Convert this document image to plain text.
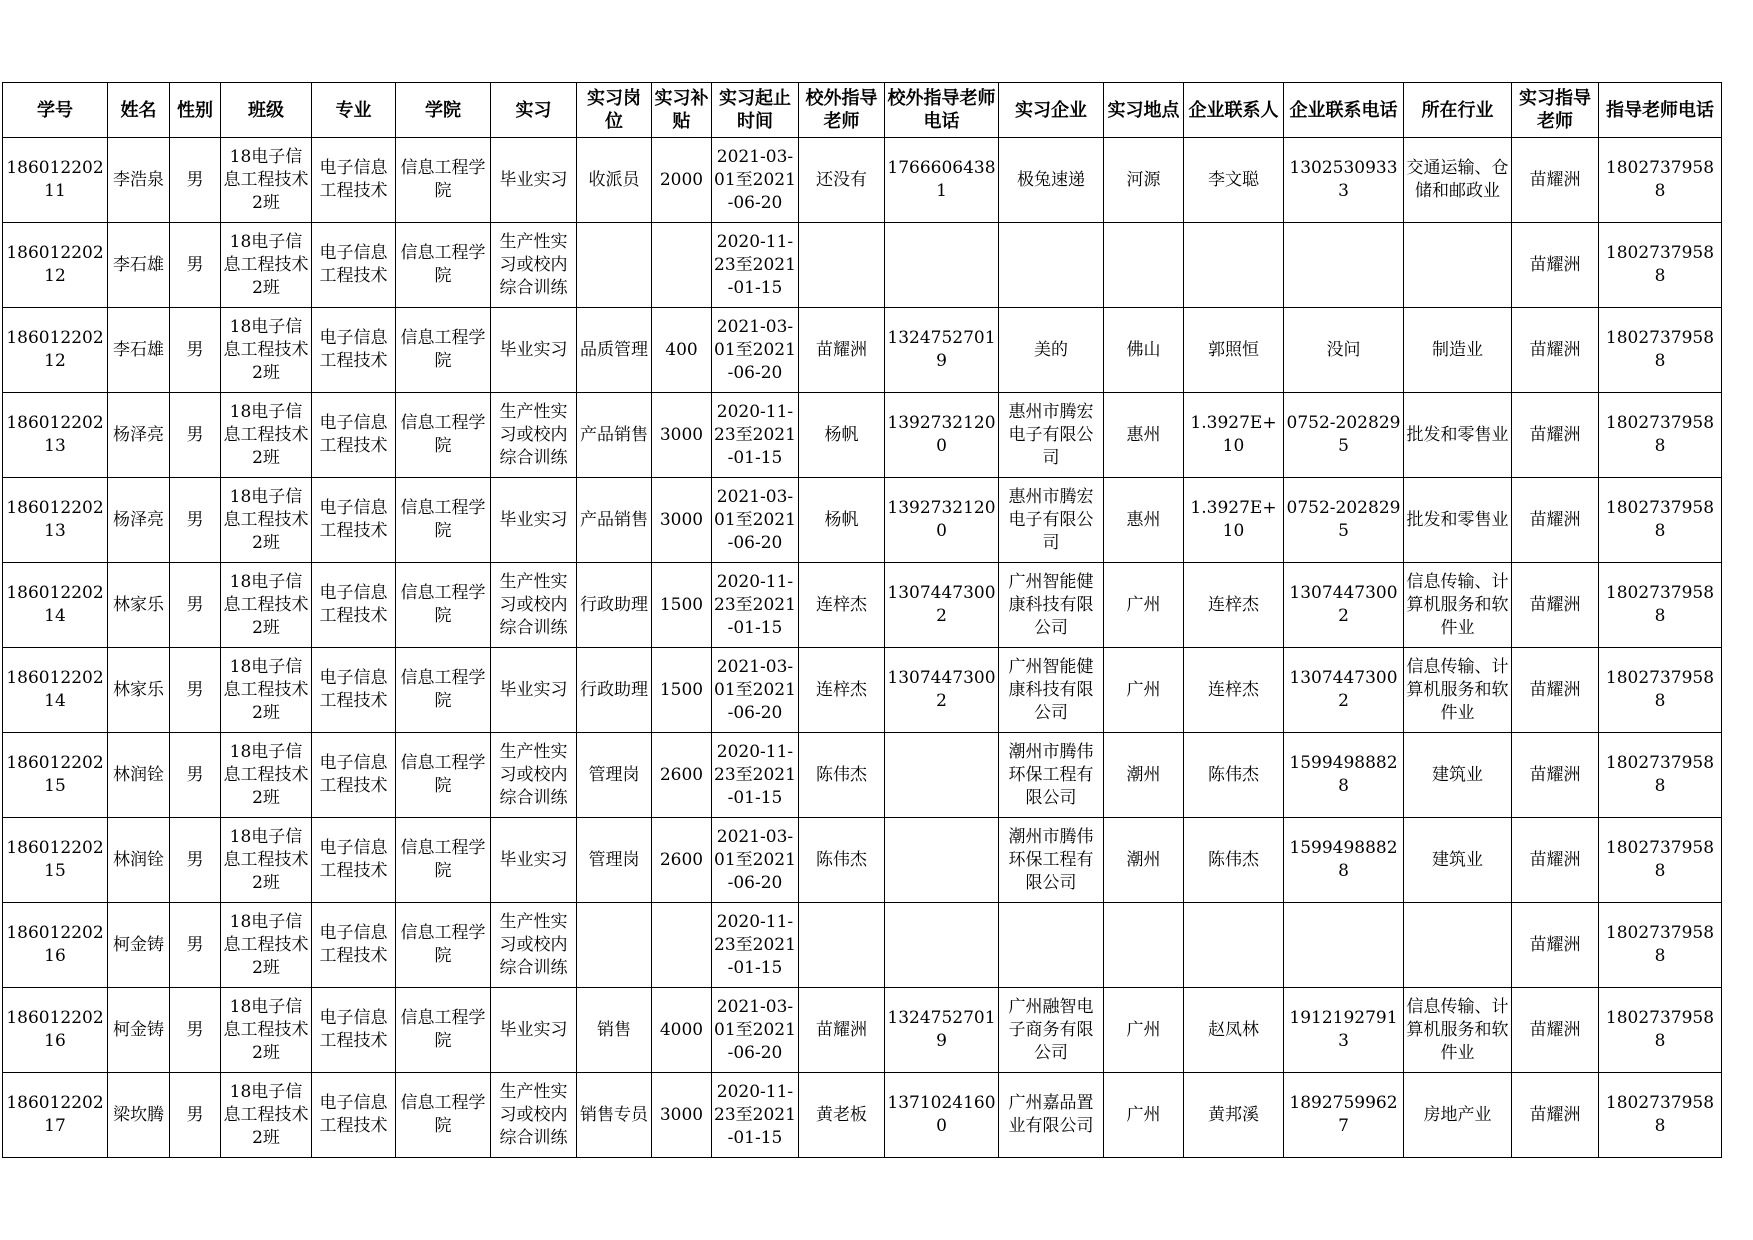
学号	姓名	性别	班级	专业	学院	实习	实习岗位	实习补贴	实习起止时间	校外指导老师	校外指导老师电话	实习企业	实习地点	企业联系人	企业联系电话	所在行业	实习指导老师	指导老师电话

18601220211	李浩泉	男	18电子信息工程技术2班	电子信息工程技术	信息工程学院	毕业实习	收派员	2000	2021-03-01至2021-06-20	还没有	17666064381	极兔速递	河源	李文聪	13025309333	交通运输、仓储和邮政业	苗耀洲	18027379588

18601220212	李石雄	男	18电子信息工程技术2班	电子信息工程技术	信息工程学院	生产性实习或校内综合训练			2020-11-23至2021-01-15								苗耀洲	18027379588

18601220212	李石雄	男	18电子信息工程技术2班	电子信息工程技术	信息工程学院	毕业实习	品质管理	400	2021-03-01至2021-06-20	苗耀洲	13247527019	美的	佛山	郭照恒	没问	制造业	苗耀洲	18027379588

18601220213	杨泽亮	男	18电子信息工程技术2班	电子信息工程技术	信息工程学院	生产性实习或校内综合训练	产品销售	3000	2020-11-23至2021-01-15	杨帆	13927321200	惠州市腾宏电子有限公司	惠州	1.3927E+10	0752-2028295	批发和零售业	苗耀洲	18027379588

18601220213	杨泽亮	男	18电子信息工程技术2班	电子信息工程技术	信息工程学院	毕业实习	产品销售	3000	2021-03-01至2021-06-20	杨帆	13927321200	惠州市腾宏电子有限公司	惠州	1.3927E+10	0752-2028295	批发和零售业	苗耀洲	18027379588

18601220214	林家乐	男	18电子信息工程技术2班	电子信息工程技术	信息工程学院	生产性实习或校内综合训练	行政助理	1500	2020-11-23至2021-01-15	连梓杰	13074473002	广州智能健康科技有限公司	广州	连梓杰	13074473002	信息传输、计算机服务和软件业	苗耀洲	18027379588

18601220214	林家乐	男	18电子信息工程技术2班	电子信息工程技术	信息工程学院	毕业实习	行政助理	1500	2021-03-01至2021-06-20	连梓杰	13074473002	广州智能健康科技有限公司	广州	连梓杰	13074473002	信息传输、计算机服务和软件业	苗耀洲	18027379588

18601220215	林润铨	男	18电子信息工程技术2班	电子信息工程技术	信息工程学院	生产性实习或校内综合训练	管理岗	2600	2020-11-23至2021-01-15	陈伟杰		潮州市腾伟环保工程有限公司	潮州	陈伟杰	15994988828	建筑业	苗耀洲	18027379588

18601220215	林润铨	男	18电子信息工程技术2班	电子信息工程技术	信息工程学院	毕业实习	管理岗	2600	2021-03-01至2021-06-20	陈伟杰		潮州市腾伟环保工程有限公司	潮州	陈伟杰	15994988828	建筑业	苗耀洲	18027379588

18601220216	柯金铸	男	18电子信息工程技术2班	电子信息工程技术	信息工程学院	生产性实习或校内综合训练			2020-11-23至2021-01-15								苗耀洲	18027379588

18601220216	柯金铸	男	18电子信息工程技术2班	电子信息工程技术	信息工程学院	毕业实习	销售	4000	2021-03-01至2021-06-20	苗耀洲	13247527019	广州融智电子商务有限公司	广州	赵凤林	19121927913	信息传输、计算机服务和软件业	苗耀洲	18027379588

18601220217	梁坎腾	男	18电子信息工程技术2班	电子信息工程技术	信息工程学院	生产性实习或校内综合训练	销售专员	3000	2020-11-23至2021-01-15	黄老板	13710241600	广州嘉品置业有限公司	广州	黄邦溪	18927599627	房地产业	苗耀洲	18027379588
